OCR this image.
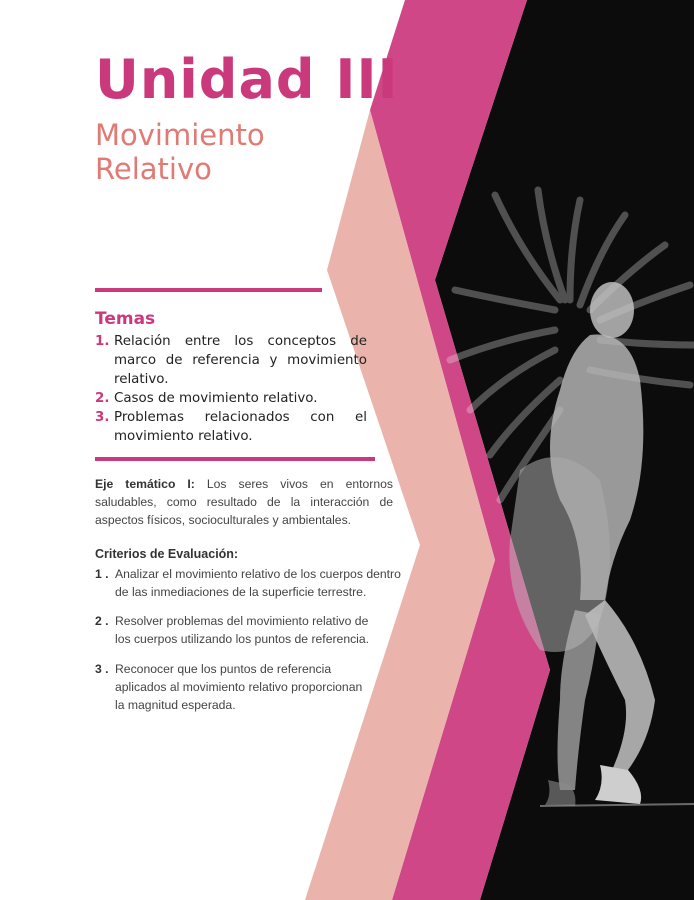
Unidad III
Movimiento
Relativo
Temas
1. Relación entre los conceptos de marco de referencia y movimiento relativo.
2. Casos de movimiento relativo.
3. Problemas relacionados con el movimiento relativo.

Eje temático I: Los seres vivos en entornos saludables, como resultado de la interacción de aspectos físicos, socioculturales y ambientales.

Criterios de Evaluación:
1 . Analizar el movimiento relativo de los cuerpos dentro de las inmediaciones de la superficie terrestre.
2 . Resolver problemas del movimiento relativo de los cuerpos utilizando los puntos de referencia.
3 . Reconocer que los puntos de referencia aplicados al movimiento relativo proporcionan la magnitud esperada.
